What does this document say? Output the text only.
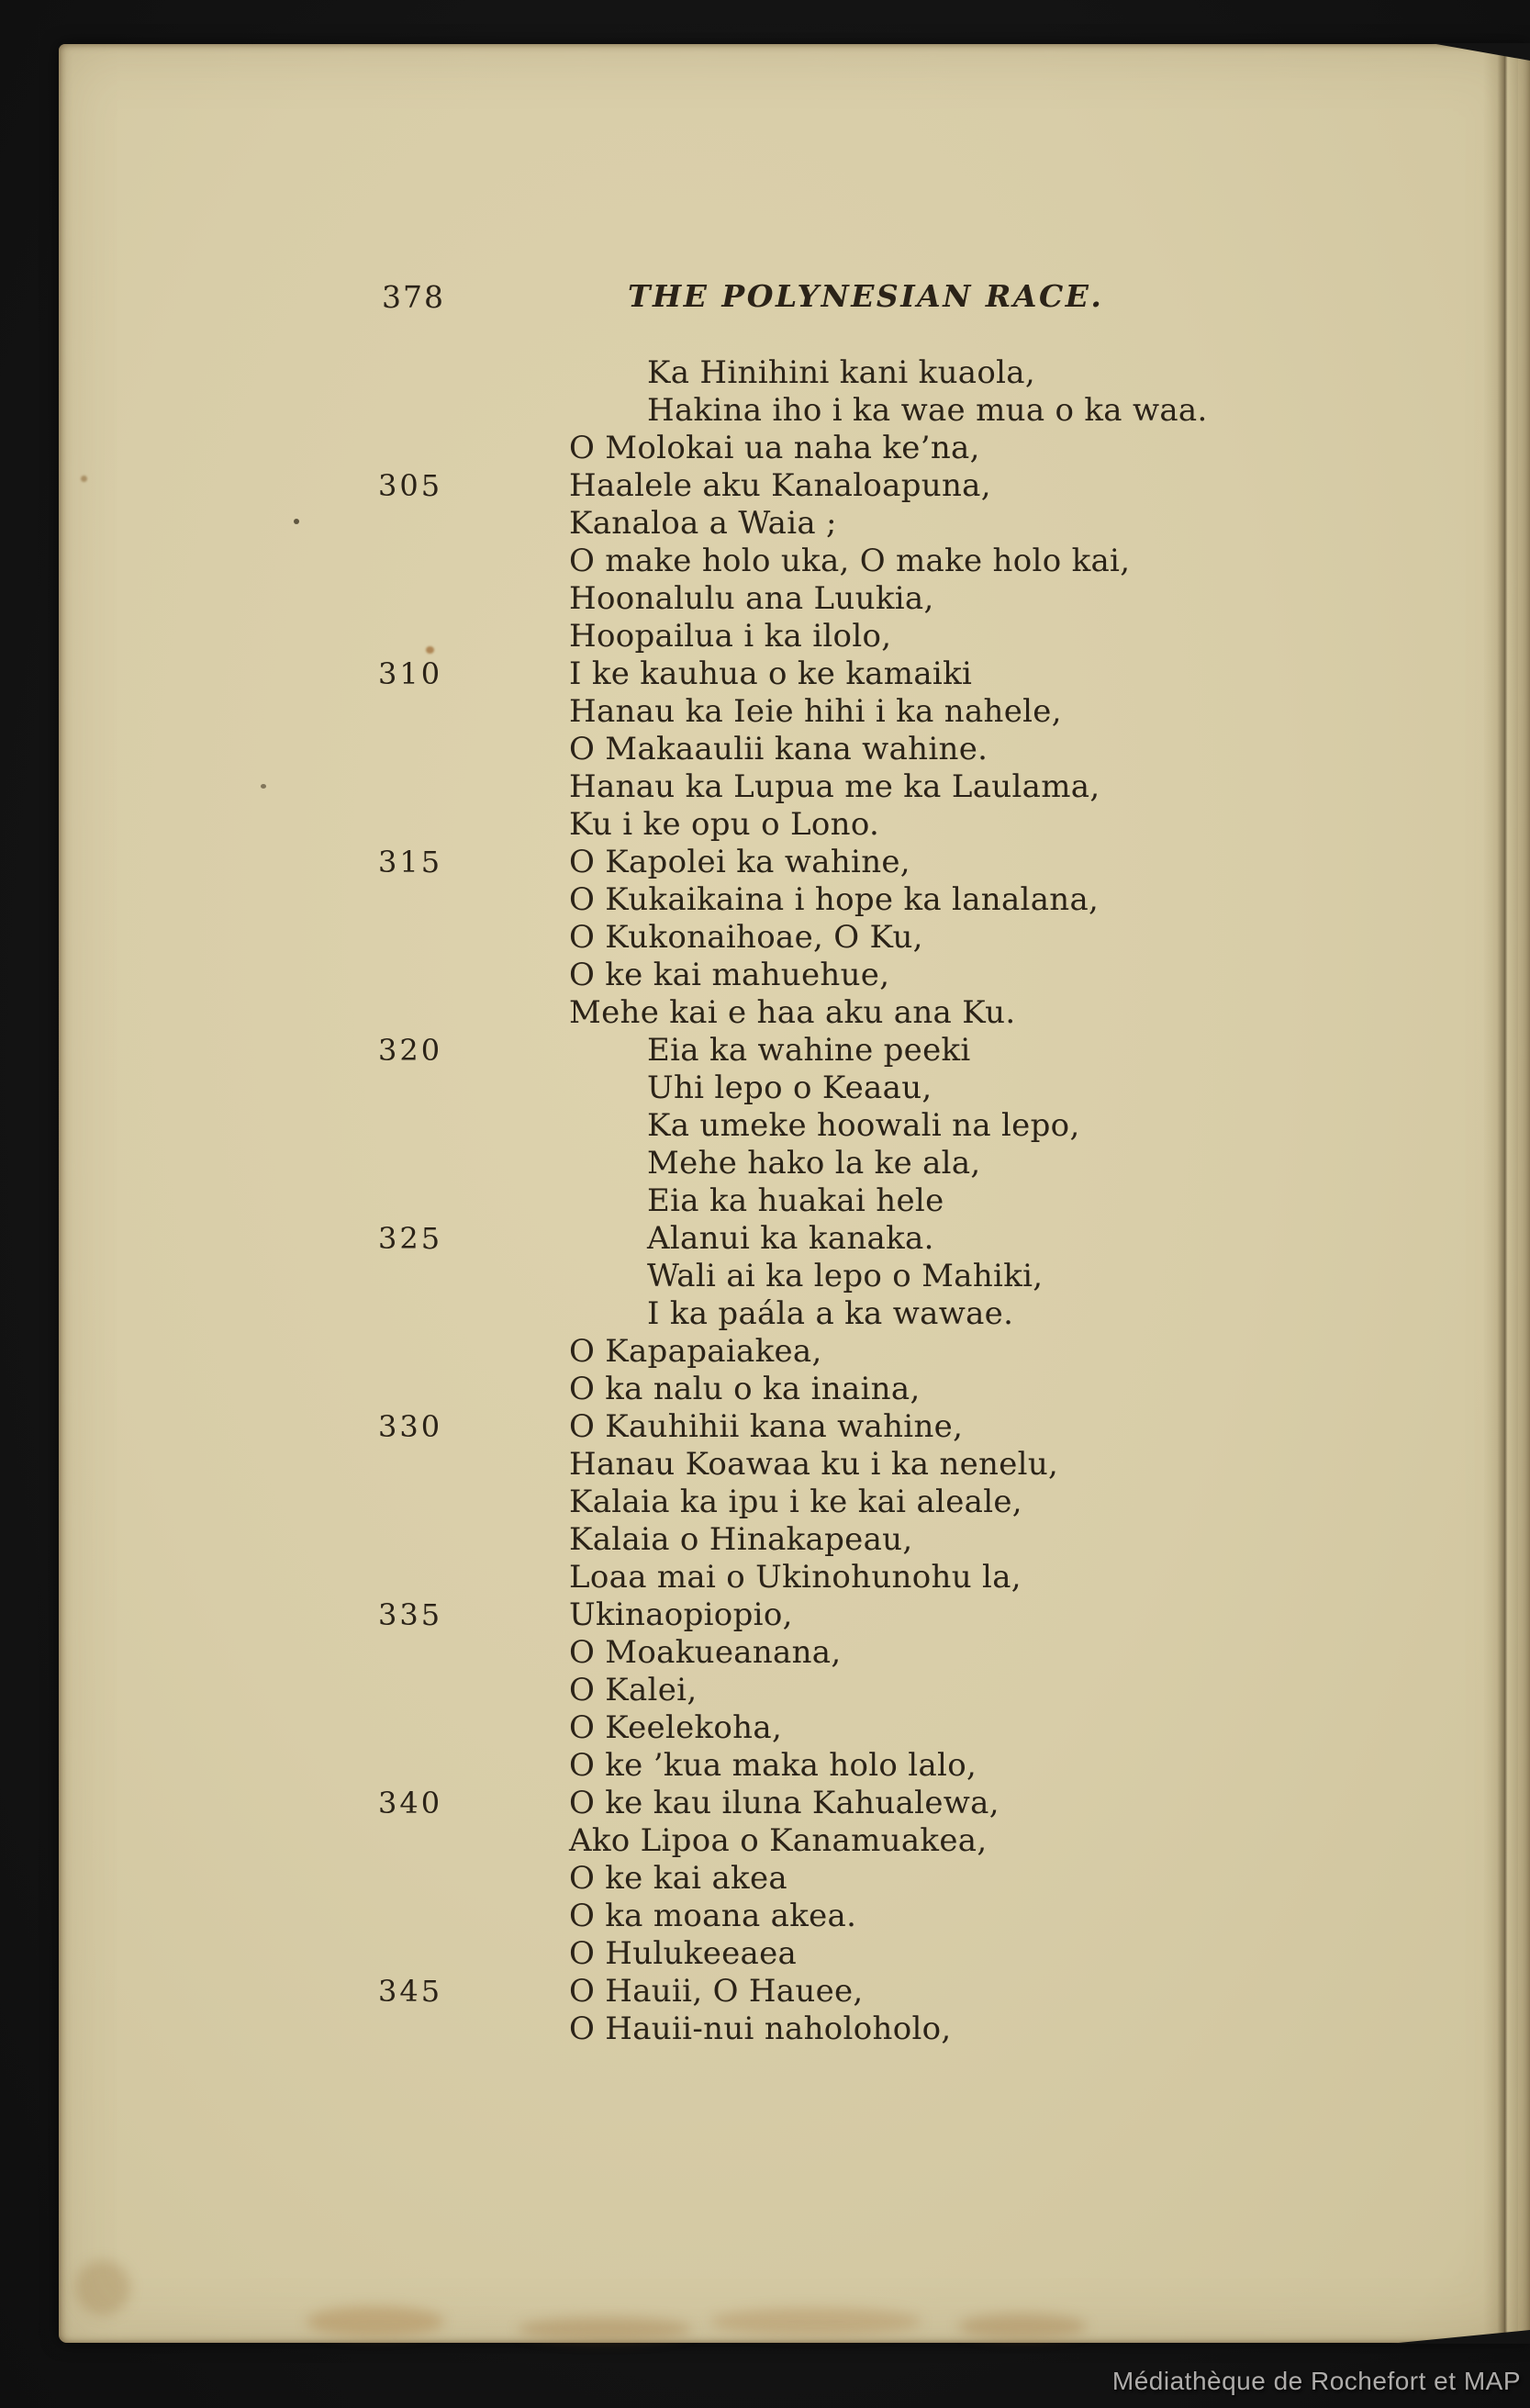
378	THE POLYNESIAN RACE.
Ka Hinihini kani kuaola,
Hakina iho i ka wae mua o ka waa.
O Molokai ua naha ke’na,
305	Haalele aku Kanaloapuna,
Kanaloa a Waia ;
O make holo uka, O make holo kai,
Hoonalulu ana Luukia,
Hoopailua i ka ilolo,
310	I ke kauhua o ke kamaiki
Hanau ka Ieie hihi i ka nahele,
O Makaaulii kana wahine.
Hanau ka Lupua me ka Laulama,
Ku i ke opu o Lono.
315	O Kapolei ka wahine,
O Kukaikaina i hope ka lanalana,
O Kukonaihoae, O Ku,
O ke kai mahuehue,
Mehe kai e haa aku ana Ku.
320	Eia ka wahine peeki
Uhi lepo o Keaau,
Ka umeke hoowali na lepo,
Mehe hako la ke ala,
Eia ka huakai hele
325	Alanui ka kanaka.
Wali ai ka lepo o Mahiki,
I ka paála a ka wawae.
O Kapapaiakea,
O ka nalu o ka inaina,
330	O Kauhihii kana wahine,
Hanau Koawaa ku i ka nenelu,
Kalaia ka ipu i ke kai aleale,
Kalaia o Hinakapeau,
Loaa mai o Ukinohunohu la,
335	Ukinaopiopio,
O Moakueanana,
O Kalei,
O Keelekoha,
O ke ’kua maka holo lalo,
340	O ke kau iluna Kahualewa,
Ako Lipoa o Kanamuakea,
O ke kai akea
O ka moana akea.
O Hulukeeaea
345	O Hauii, O Hauee,
O Hauii-nui naholoholo,
Médiathèque de Rochefort et MAP
